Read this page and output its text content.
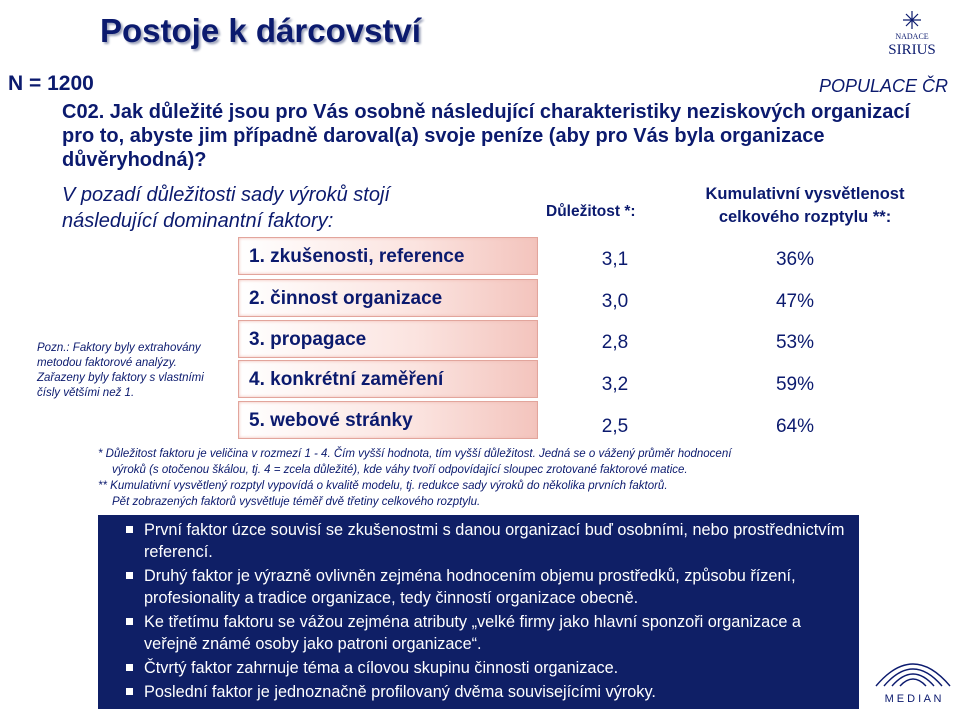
Postoje k dárcovství
N = 1200	POPULACE ČR
NADACE
SIRIUS
C02. Jak důležité jsou pro Vás osobně následující charakteristiky neziskových organizací pro to, abyste jim případně daroval(a) svoje peníze (aby pro Vás byla organizace důvěryhodná)?
V pozadí důležitosti sady výroků stojí následující dominantní faktory:	Důležitost *:
Kumulativní vysvětlenost
celkového rozptylu **:
1. zkušenosti, reference	3,1	36%
2. činnost organizace	3,0	47%
3. propagace	2,8	53%
4. konkrétní zaměření	3,2	59%
5. webové stránky	2,5	64%
Pozn.: Faktory byly extrahovány
metodou faktorové analýzy.
Zařazeny byly faktory s vlastními
čísly většími než 1.
* Důležitost faktoru je veličina v rozmezí 1 - 4. Čím vyšší hodnota, tím vyšší důležitost. Jedná se o vážený průměr hodnocení
výroků (s otočenou škálou, tj. 4 = zcela důležité), kde váhy tvoří odpovídající sloupec zrotované faktorové matice.
** Kumulativní vysvětlený rozptyl vypovídá o kvalitě modelu, tj. redukce sady výroků do několika prvních faktorů.
Pět zobrazených faktorů vysvětluje téměř dvě třetiny celkového rozptylu.
První faktor úzce souvisí se zkušenostmi s danou organizací buď osobními, nebo prostřednictvím referencí.
Druhý faktor je výrazně ovlivněn zejména hodnocením objemu prostředků, způsobu řízení, profesionality a tradice organizace, tedy činností organizace obecně.
Ke třetímu faktoru se vážou zejména atributy „velké firmy jako hlavní sponzoři organizace a veřejně známé osoby jako patroni organizace“.
Čtvrtý faktor zahrnuje téma a cílovou skupinu činnosti organizace.
Poslední faktor je jednoznačně profilovaný dvěma souvisejícími výroky.	M E D I A N
